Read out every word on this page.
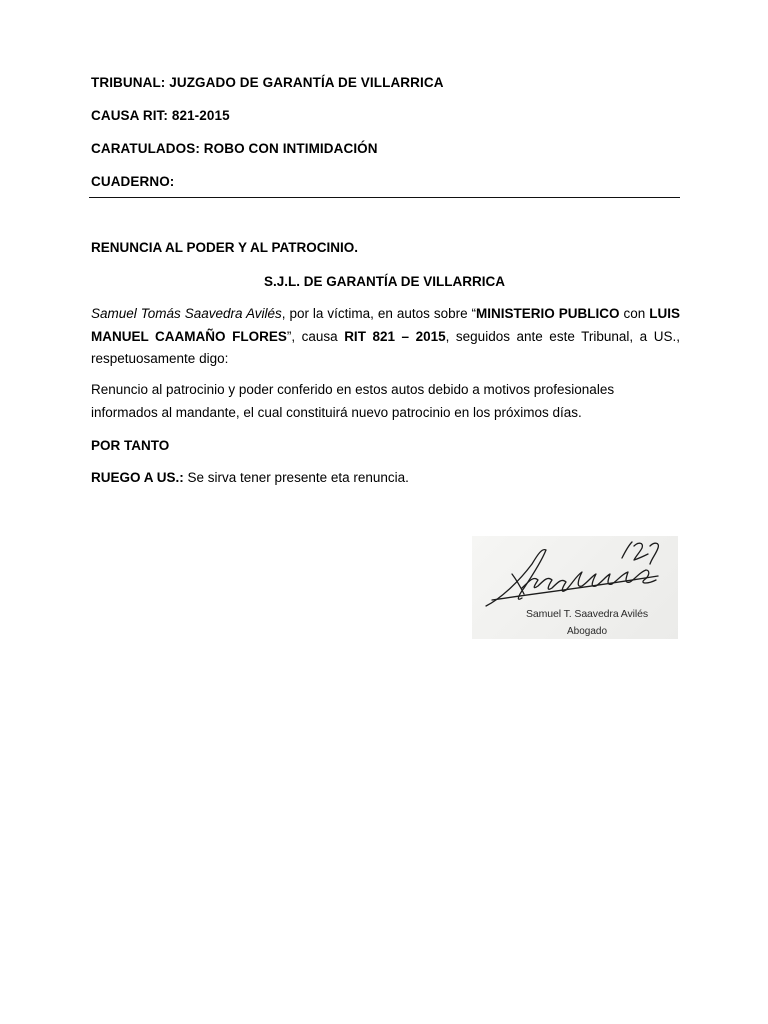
TRIBUNAL: JUZGADO DE GARANTÍA DE VILLARRICA
CAUSA RIT: 821-2015
CARATULADOS: ROBO CON INTIMIDACIÓN
CUADERNO:
RENUNCIA AL PODER Y AL PATROCINIO.
S.J.L. DE GARANTÍA DE VILLARRICA
Samuel Tomás Saavedra Avilés, por la víctima, en autos sobre “MINISTERIO PUBLICO con LUIS MANUEL CAAMAÑO FLORES”, causa RIT 821 – 2015, seguidos ante este Tribunal, a US., respetuosamente digo:
Renuncio al patrocinio y poder conferido en estos autos debido a motivos profesionales informados al mandante, el cual constituirá nuevo patrocinio en los próximos días.
POR TANTO
RUEGO A US.: Se sirva tener presente eta renuncia.
Samuel T. Saavedra Avilés
Abogado
